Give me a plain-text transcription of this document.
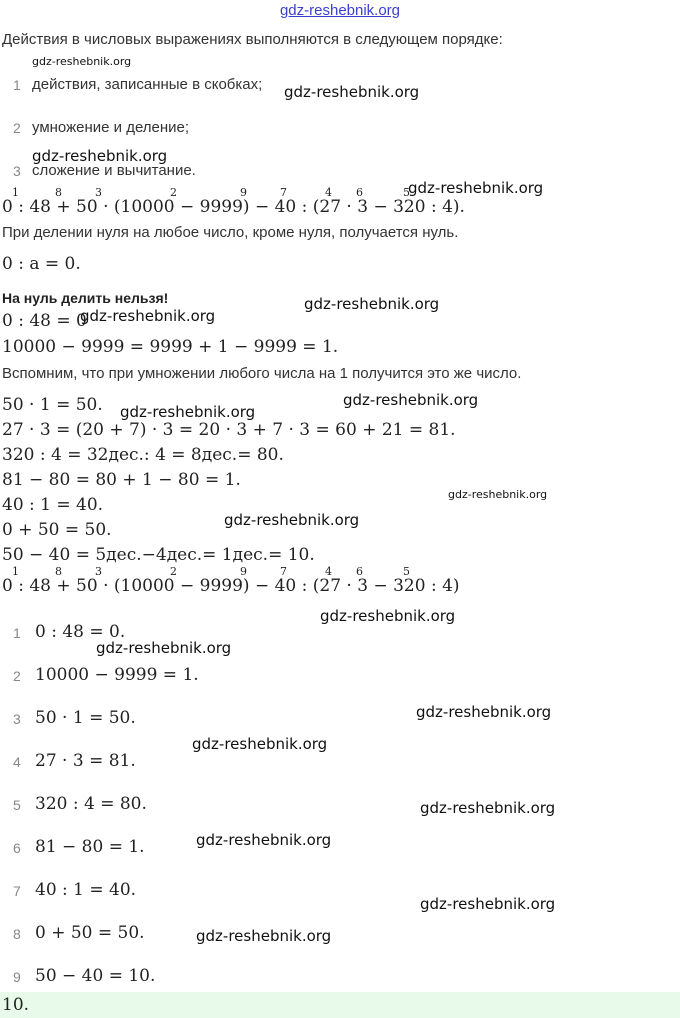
gdz-reshebnik.org
Действия в числовых выражениях выполняются в следующем порядке:
1 действия, записанные в скобках;
2 умножение и деление;
3 сложение и вычитание.
0 : 48 + 50 · (10000 − 9999) − 40 : (27 · 3 − 320 : 4).
1	8	3	2	9	7	4 6	5
При делении нуля на любое число, кроме нуля, получается нуль.
0 : a = 0.
На нуль делить нельзя!
0 : 48 = 0
10000 − 9999 = 9999 + 1 − 9999 = 1.
Вспомним, что при умножении любого числа на 1 получится это же число.
50 · 1 = 50.
27 · 3 = (20 + 7) · 3 = 20 · 3 + 7 · 3 = 60 + 21 = 81.
320 : 4 = 32дес.: 4 = 8дес.= 80.
81 − 80 = 80 + 1 − 80 = 1.
40 : 1 = 40.
0 + 50 = 50.
50 − 40 = 5дес.−4дес.= 1дес.= 10.
0 : 48 + 50 · (10000 − 9999) − 40 : (27 · 3 − 320 : 4)
1	8	3	2	9	7	4 6	5
1 0 : 48 = 0.
2 10000 − 9999 = 1.
3 50 · 1 = 50.
4 27 · 3 = 81.
5 320 : 4 = 80.
6 81 − 80 = 1.
7 40 : 1 = 40.
8 0 + 50 = 50.
9 50 − 40 = 10.
10.
gdz-reshebnik.org
gdz-reshebnik.org
gdz-reshebnik.org
gdz-reshebnik.org
gdz-reshebnik.org
gdz-reshebnik.org
gdz-reshebnik.org
gdz-reshebnik.org
gdz-reshebnik.org
gdz-reshebnik.org
gdz-reshebnik.org
gdz-reshebnik.org
gdz-reshebnik.org
gdz-reshebnik.org
gdz-reshebnik.org
gdz-reshebnik.org
gdz-reshebnik.org
gdz-reshebnik.org
